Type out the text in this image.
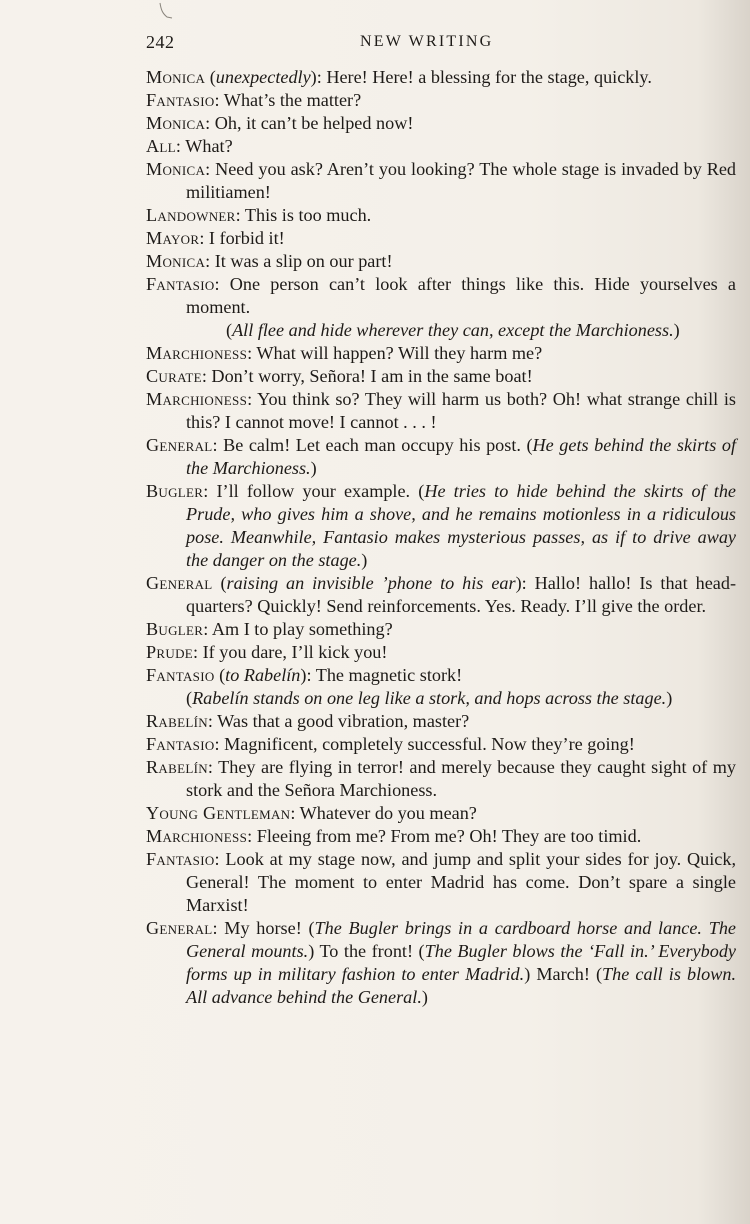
242	NEW WRITING

Monica (unexpectedly): Here! Here! a blessing for the stage, quickly.

Fantasio: What’s the matter?

Monica: Oh, it can’t be helped now!

All: What?

Monica: Need you ask? Aren’t you looking? The whole stage is invaded by Red militiamen!

Landowner: This is too much.

Mayor: I forbid it!

Monica: It was a slip on our part!

Fantasio: One person can’t look after things like this. Hide yourselves a moment.

(All flee and hide wherever they can, except the Marchioness.)

Marchioness: What will happen? Will they harm me?

Curate: Don’t worry, Señora! I am in the same boat!

Marchioness: You think so? They will harm us both? Oh! what strange chill is this? I cannot move! I cannot . . . !

General: Be calm! Let each man occupy his post. (He gets behind the skirts of the Marchioness.)

Bugler: I’ll follow your example. (He tries to hide behind the skirts of the Prude, who gives him a shove, and he remains motionless in a ridiculous pose. Meanwhile, Fantasio makes mysterious passes, as if to drive away the danger on the stage.)

General (raising an invisible ’phone to his ear): Hallo! hallo! Is that head-quarters? Quickly! Send reinforcements. Yes. Ready. I’ll give the order.

Bugler: Am I to play something?

Prude: If you dare, I’ll kick you!

Fantasio (to Rabelín): The magnetic stork!

(Rabelín stands on one leg like a stork, and hops across the stage.)

Rabelín: Was that a good vibration, master?

Fantasio: Magnificent, completely successful. Now they’re going!

Rabelín: They are flying in terror! and merely because they caught sight of my stork and the Señora Marchioness.

Young Gentleman: Whatever do you mean?

Marchioness: Fleeing from me? From me? Oh! They are too timid.

Fantasio: Look at my stage now, and jump and split your sides for joy. Quick, General! The moment to enter Madrid has come. Don’t spare a single Marxist!

General: My horse! (The Bugler brings in a cardboard horse and lance. The General mounts.) To the front! (The Bugler blows the ‘Fall in.’ Everybody forms up in military fashion to enter Madrid.) March! (The call is blown. All advance behind the General.)
